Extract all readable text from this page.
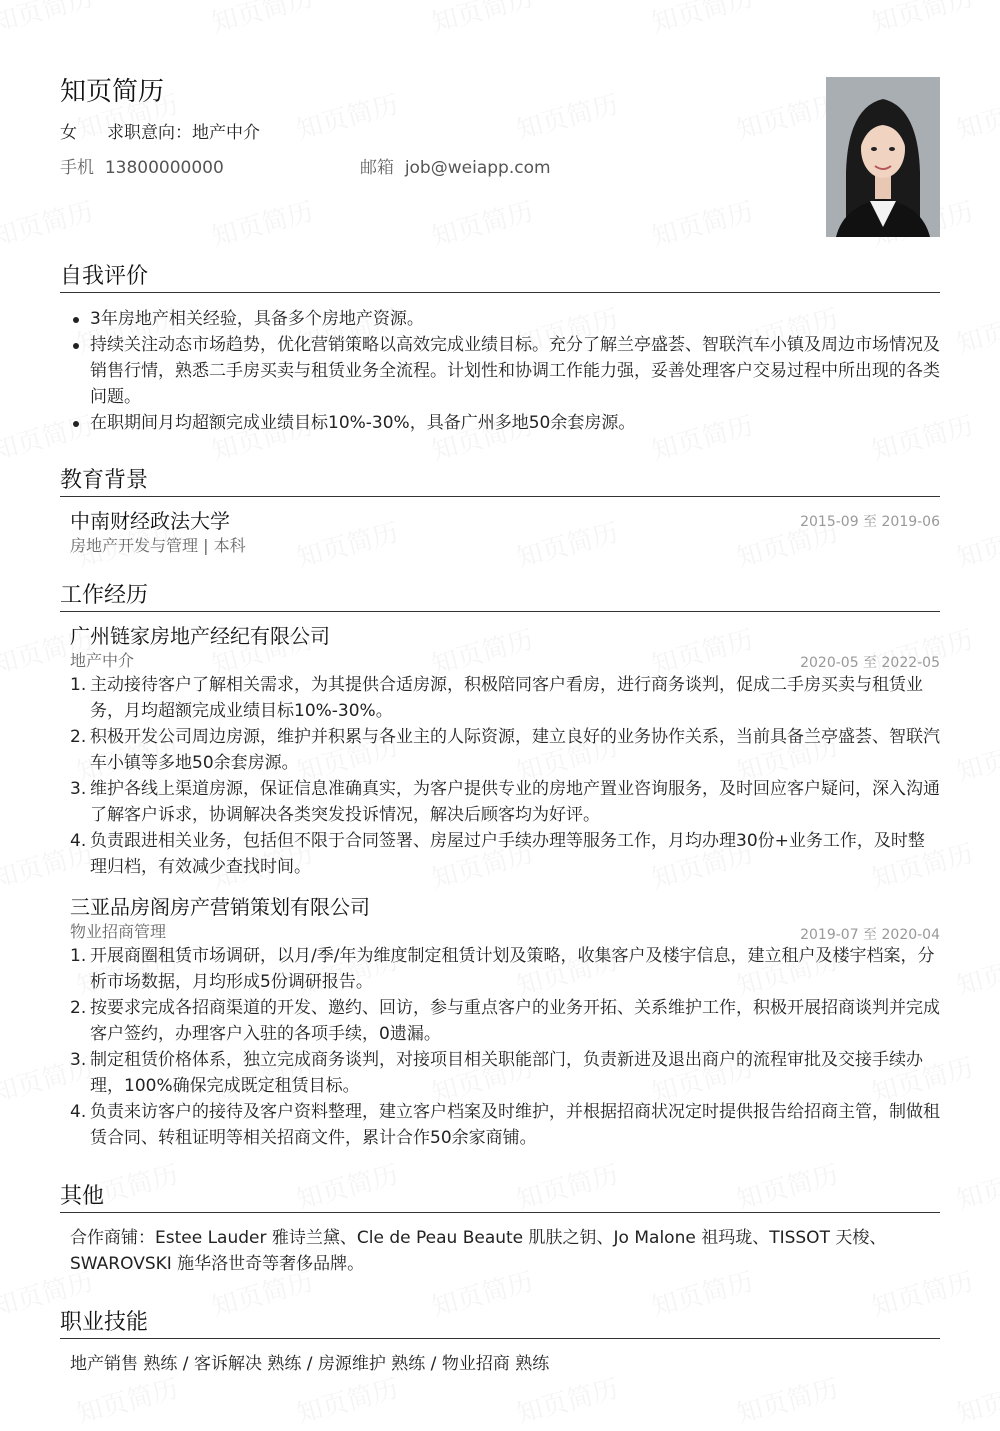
知页简历
女 求职意向：地产中介
手机 13800000000	邮箱 job@weiapp.com
自我评价
3年房地产相关经验，具备多个房地产资源。
持续关注动态市场趋势，优化营销策略以高效完成业绩目标。充分了解兰亭盛荟、智联汽车小镇及周边市场情况及销售行情，熟悉二手房买卖与租赁业务全流程。计划性和协调工作能力强，妥善处理客户交易过程中所出现的各类问题。
在职期间月均超额完成业绩目标10%-30%，具备广州多地50余套房源。
教育背景
中南财经政法大学	2015-09 至 2019-06
房地产开发与管理 | 本科
工作经历
广州链家房地产经纪有限公司
地产中介	2020-05 至 2022-05
1. 主动接待客户了解相关需求，为其提供合适房源，积极陪同客户看房，进行商务谈判，促成二手房买卖与租赁业务，月均超额完成业绩目标10%-30%。
2. 积极开发公司周边房源，维护并积累与各业主的人际资源，建立良好的业务协作关系，当前具备兰亭盛荟、智联汽车小镇等多地50余套房源。
3. 维护各线上渠道房源，保证信息准确真实，为客户提供专业的房地产置业咨询服务，及时回应客户疑问，深入沟通了解客户诉求，协调解决各类突发投诉情况，解决后顾客均为好评。
4. 负责跟进相关业务，包括但不限于合同签署、房屋过户手续办理等服务工作，月均办理30份+业务工作，及时整理归档，有效减少查找时间。
三亚品房阁房产营销策划有限公司
物业招商管理	2019-07 至 2020-04
1. 开展商圈租赁市场调研，以月/季/年为维度制定租赁计划及策略，收集客户及楼宇信息，建立租户及楼宇档案，分析市场数据，月均形成5份调研报告。
2. 按要求完成各招商渠道的开发、邀约、回访，参与重点客户的业务开拓、关系维护工作，积极开展招商谈判并完成客户签约，办理客户入驻的各项手续，0遗漏。
3. 制定租赁价格体系，独立完成商务谈判，对接项目相关职能部门，负责新进及退出商户的流程审批及交接手续办理，100%确保完成既定租赁目标。
4. 负责来访客户的接待及客户资料整理，建立客户档案及时维护，并根据招商状况定时提供报告给招商主管，制做租赁合同、转租证明等相关招商文件，累计合作50余家商铺。
其他
合作商铺：Estee Lauder 雅诗兰黛、Cle de Peau Beaute 肌肤之钥、Jo Malone 祖玛珑、TISSOT 天梭、SWAROVSKI 施华洛世奇等奢侈品牌。
职业技能
地产销售 熟练 / 客诉解决 熟练 / 房源维护 熟练 / 物业招商 熟练
